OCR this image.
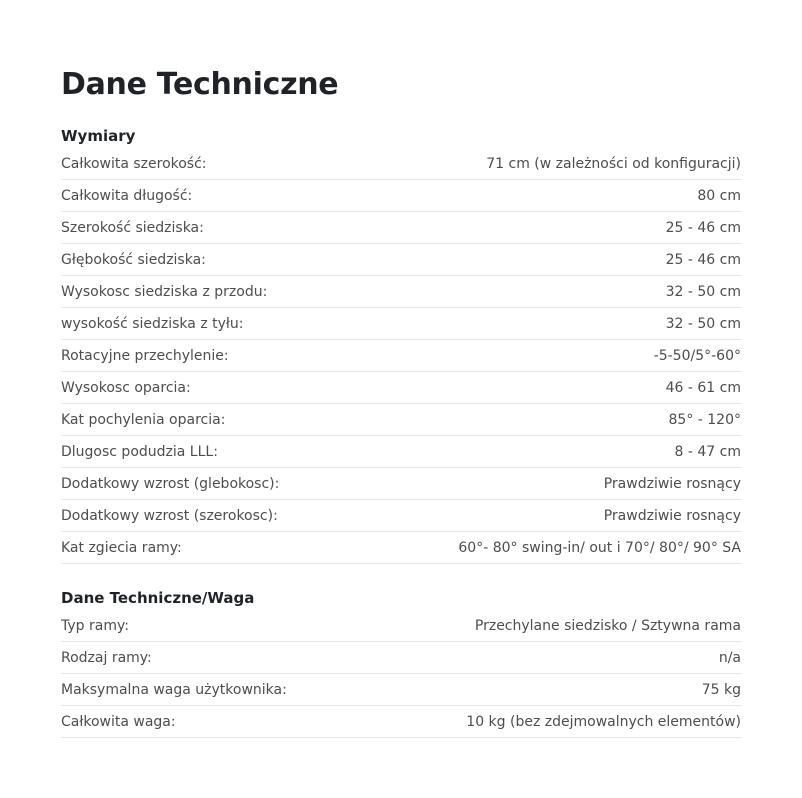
Dane Techniczne
Wymiary
Całkowita szerokość:	71 cm (w zależności od konfiguracji)
Całkowita długość:	80 cm
Szerokość siedziska:	25 - 46 cm
Głębokość siedziska:	25 - 46 cm
Wysokosc siedziska z przodu:	32 - 50 cm
wysokość siedziska z tyłu:	32 - 50 cm
Rotacyjne przechylenie:	-5-50/5°-60°
Wysokosc oparcia:	46 - 61 cm
Kat pochylenia oparcia:	85° - 120°
Dlugosc podudzia LLL:	8 - 47 cm
Dodatkowy wzrost (glebokosc):	Prawdziwie rosnący
Dodatkowy wzrost (szerokosc):	Prawdziwie rosnący
Kat zgiecia ramy:	60°- 80° swing-in/ out i 70°/ 80°/ 90° SA
Dane Techniczne/Waga
Typ ramy:	Przechylane siedzisko / Sztywna rama
Rodzaj ramy:	n/a
Maksymalna waga użytkownika:	75 kg
Całkowita waga:	10 kg (bez zdejmowalnych elementów)
